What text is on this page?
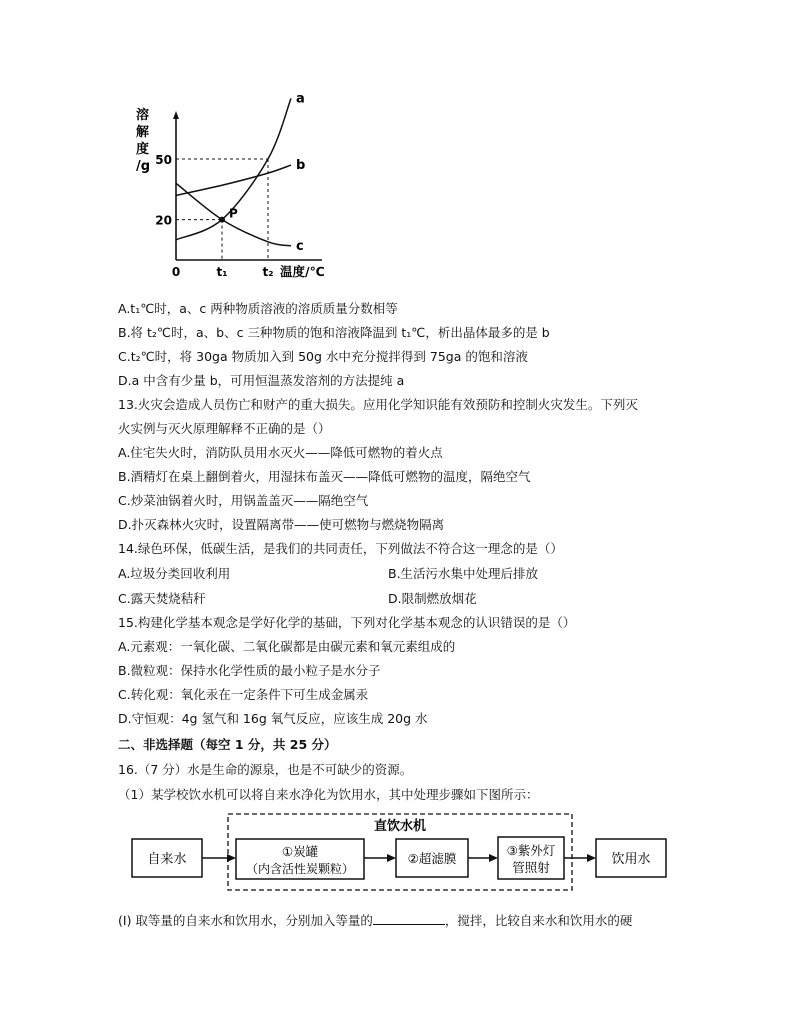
溶
解
度
/g
a
b
c
P
20
50
0	t₁	t₂ 温度/℃
A.t₁℃时，a、c 两种物质溶液的溶质质量分数相等
B.将 t₂℃时，a、b、c 三种物质的饱和溶液降温到 t₁℃，析出晶体最多的是 b
C.t₂℃时，将 30ga 物质加入到 50g 水中充分搅拌得到 75ga 的饱和溶液
D.a 中含有少量 b，可用恒温蒸发溶剂的方法提纯 a
13.火灾会造成人员伤亡和财产的重大损失。应用化学知识能有效预防和控制火灾发生。下列灭
火实例与灭火原理解释不正确的是（）
A.住宅失火时，消防队员用水灭火——降低可燃物的着火点
B.酒精灯在桌上翻倒着火，用湿抹布盖灭——降低可燃物的温度，隔绝空气
C.炒菜油锅着火时，用锅盖盖灭——隔绝空气
D.扑灭森林火灾时，设置隔离带——使可燃物与燃烧物隔离
14.绿色环保，低碳生活，是我们的共同责任，下列做法不符合这一理念的是（）
A.垃圾分类回收利用	B.生活污水集中处理后排放
C.露天焚烧秸秆	D.限制燃放烟花
15.构建化学基本观念是学好化学的基础，下列对化学基本观念的认识错误的是（）
A.元素观：一氧化碳、二氧化碳都是由碳元素和氧元素组成的
B.微粒观：保持水化学性质的最小粒子是水分子
C.转化观：氧化汞在一定条件下可生成金属汞
D.守恒观：4g 氢气和 16g 氧气反应，应该生成 20g 水
二、非选择题（每空 1 分，共 25 分）
16.（7 分）水是生命的源泉，也是不可缺少的资源。
（1）某学校饮水机可以将自来水净化为饮用水，其中处理步骤如下图所示：
直饮水机
自来水
①炭罐
（内含活性炭颗粒）
②超滤膜
③紫外灯
管照射
饮用水
(I) 取等量的自来水和饮用水，分别加入等量的	，搅拌，比较自来水和饮用水的硬
